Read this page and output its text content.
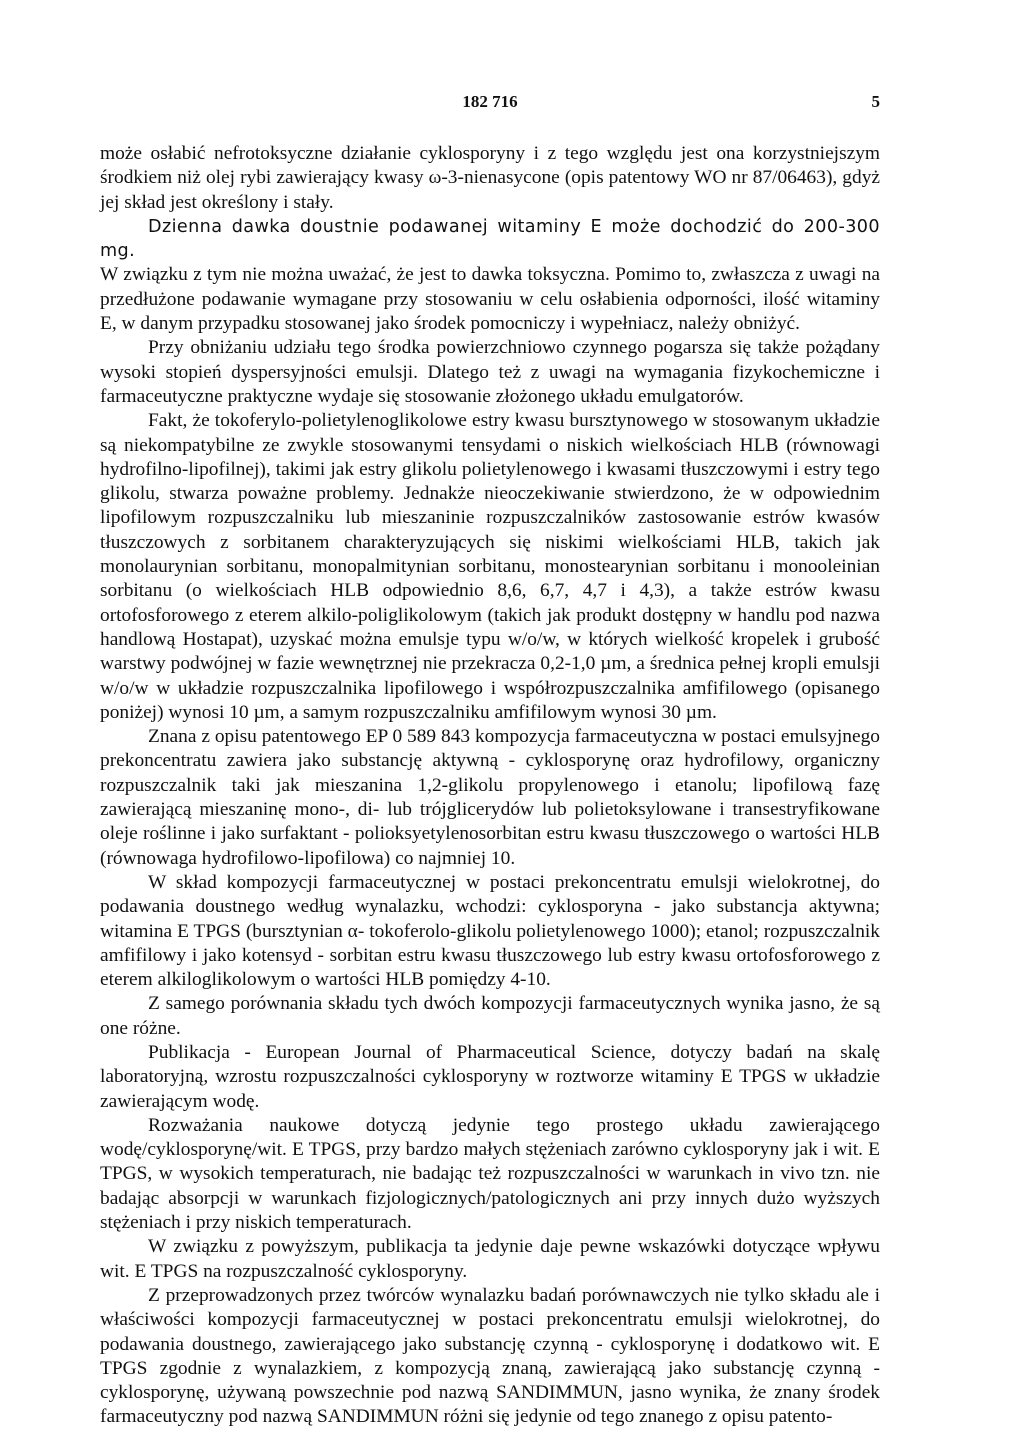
182 716	5

może osłabić nefrotoksyczne działanie cyklosporyny i z tego względu jest ona korzystniejszym środkiem niż olej rybi zawierający kwasy ω-3-nienasycone (opis patentowy WO nr 87/06463), gdyż jej skład jest określony i stały.

Dzienna dawka doustnie podawanej witaminy E może dochodzić do 200-300 mg.

W związku z tym nie można uważać, że jest to dawka toksyczna. Pomimo to, zwłaszcza z uwagi na przedłużone podawanie wymagane przy stosowaniu w celu osłabienia odporności, ilość witaminy E, w danym przypadku stosowanej jako środek pomocniczy i wypełniacz, należy obniżyć.

Przy obniżaniu udziału tego środka powierzchniowo czynnego pogarsza się także pożądany wysoki stopień dyspersyjności emulsji. Dlatego też z uwagi na wymagania fizykochemiczne i farmaceutyczne praktyczne wydaje się stosowanie złożonego układu emulgatorów.

Fakt, że tokoferylo-polietylenoglikolowe estry kwasu bursztynowego w stosowanym układzie są niekompatybilne ze zwykle stosowanymi tensydami o niskich wielkościach HLB (równowagi hydrofilno-lipofilnej), takimi jak estry glikolu polietylenowego i kwasami tłuszczowymi i estry tego glikolu, stwarza poważne problemy. Jednakże nieoczekiwanie stwierdzono, że w odpowiednim lipofilowym rozpuszczalniku lub mieszaninie rozpuszczalników zastosowanie estrów kwasów tłuszczowych z sorbitanem charakteryzujących się niskimi wielkościami HLB, takich jak monolaurynian sorbitanu, monopalmitynian sorbitanu, monostearynian sorbitanu i monooleinian sorbitanu (o wielkościach HLB odpowiednio 8,6, 6,7, 4,7 i 4,3), a także estrów kwasu ortofosforowego z eterem alkilo-poliglikolowym (takich jak produkt dostępny w handlu pod nazwa handlową Hostapat), uzyskać można emulsje typu w/o/w, w których wielkość kropelek i grubość warstwy podwójnej w fazie wewnętrznej nie przekracza 0,2-1,0 µm, a średnica pełnej kropli emulsji w/o/w w układzie rozpuszczalnika lipofilowego i współrozpuszczalnika amfifilowego (opisanego poniżej) wynosi 10 µm, a samym rozpuszczalniku amfifilowym wynosi 30 µm.

Znana z opisu patentowego EP 0 589 843 kompozycja farmaceutyczna w postaci emulsyjnego prekoncentratu zawiera jako substancję aktywną - cyklosporynę oraz hydrofilowy, organiczny rozpuszczalnik taki jak mieszanina 1,2-glikolu propylenowego i etanolu; lipofilową fazę zawierającą mieszaninę mono-, di- lub trójglicerydów lub polietoksylowane i transestryfikowane oleje roślinne i jako surfaktant - polioksyetylenosorbitan estru kwasu tłuszczowego o wartości HLB (równowaga hydrofilowo-lipofilowa) co najmniej 10.

W skład kompozycji farmaceutycznej w postaci prekoncentratu emulsji wielokrotnej, do podawania doustnego według wynalazku, wchodzi: cyklosporyna - jako substancja aktywna; witamina E TPGS (bursztynian α- tokoferolo-glikolu polietylenowego 1000); etanol; rozpuszczalnik amfifilowy i jako kotensyd - sorbitan estru kwasu tłuszczowego lub estry kwasu ortofosforowego z eterem alkiloglikolowym o wartości HLB pomiędzy 4-10.

Z samego porównania składu tych dwóch kompozycji farmaceutycznych wynika jasno, że są one różne.

Publikacja - European Journal of Pharmaceutical Science, dotyczy badań na skalę laboratoryjną, wzrostu rozpuszczalności cyklosporyny w roztworze witaminy E TPGS w układzie zawierającym wodę.

Rozważania naukowe dotyczą jedynie tego prostego układu zawierającego wodę/cyklosporynę/wit. E TPGS, przy bardzo małych stężeniach zarówno cyklosporyny jak i wit. E TPGS, w wysokich temperaturach, nie badając też rozpuszczalności w warunkach in vivo tzn. nie badając absorpcji w warunkach fizjologicznych/patologicznych ani przy innych dużo wyższych stężeniach i przy niskich temperaturach.

W związku z powyższym, publikacja ta jedynie daje pewne wskazówki dotyczące wpływu wit. E TPGS na rozpuszczalność cyklosporyny.

Z przeprowadzonych przez twórców wynalazku badań porównawczych nie tylko składu ale i właściwości kompozycji farmaceutycznej w postaci prekoncentratu emulsji wielokrotnej, do podawania doustnego, zawierającego jako substancję czynną - cyklosporynę i dodatkowo wit. E TPGS zgodnie z wynalazkiem, z kompozycją znaną, zawierającą jako substancję czynną - cyklosporynę, używaną powszechnie pod nazwą SANDIMMUN, jasno wynika, że znany środek farmaceutyczny pod nazwą SANDIMMUN różni się jedynie od tego znanego z opisu patento-
